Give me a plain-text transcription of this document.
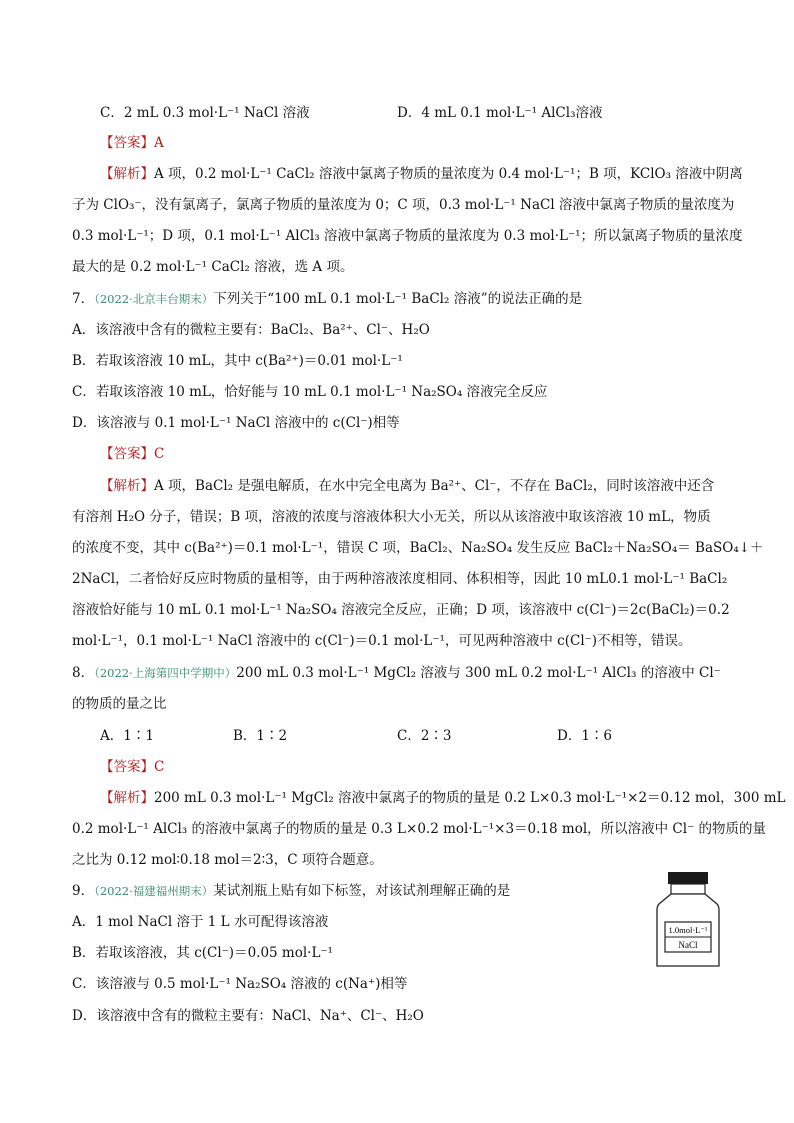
C．2 mL 0.3 mol·L⁻¹ NaCl 溶液	D．4 mL 0.1 mol·L⁻¹ AlCl₃溶液
【答案】A
【解析】A 项，0.2 mol·L⁻¹ CaCl₂ 溶液中氯离子物质的量浓度为 0.4 mol·L⁻¹；B 项，KClO₃ 溶液中阴离
子为 ClO₃⁻，没有氯离子，氯离子物质的量浓度为 0；C 项，0.3 mol·L⁻¹ NaCl 溶液中氯离子物质的量浓度为
0.3 mol·L⁻¹；D 项，0.1 mol·L⁻¹ AlCl₃ 溶液中氯离子物质的量浓度为 0.3 mol·L⁻¹；所以氯离子物质的量浓度
最大的是 0.2 mol·L⁻¹ CaCl₂ 溶液，选 A 项。
7．（2022·北京丰台期末）下列关于“100 mL 0.1 mol·L⁻¹ BaCl₂ 溶液”的说法正确的是
A．该溶液中含有的微粒主要有：BaCl₂、Ba²⁺、Cl⁻、H₂O
B．若取该溶液 10 mL，其中 c(Ba²⁺)＝0.01 mol·L⁻¹
C．若取该溶液 10 mL，恰好能与 10 mL 0.1 mol·L⁻¹ Na₂SO₄ 溶液完全反应
D．该溶液与 0.1 mol·L⁻¹ NaCl 溶液中的 c(Cl⁻)相等
【答案】C
【解析】A 项，BaCl₂ 是强电解质，在水中完全电离为 Ba²⁺、Cl⁻，不存在 BaCl₂，同时该溶液中还含
有溶剂 H₂O 分子，错误；B 项，溶液的浓度与溶液体积大小无关，所以从该溶液中取该溶液 10 mL，物质
的浓度不变，其中 c(Ba²⁺)＝0.1 mol·L⁻¹，错误 C 项，BaCl₂、Na₂SO₄ 发生反应 BaCl₂＋Na₂SO₄＝ BaSO₄↓＋
2NaCl，二者恰好反应时物质的量相等，由于两种溶液浓度相同、体积相等，因此 10 mL0.1 mol·L⁻¹ BaCl₂
溶液恰好能与 10 mL 0.1 mol·L⁻¹ Na₂SO₄ 溶液完全反应，正确；D 项，该溶液中 c(Cl⁻)＝2c(BaCl₂)＝0.2
mol·L⁻¹，0.1 mol·L⁻¹ NaCl 溶液中的 c(Cl⁻)＝0.1 mol·L⁻¹，可见两种溶液中 c(Cl⁻)不相等，错误。
8．（2022·上海第四中学期中）200 mL 0.3 mol·L⁻¹ MgCl₂ 溶液与 300 mL 0.2 mol·L⁻¹ AlCl₃ 的溶液中 Cl⁻
的物质的量之比
A．1∶1	B．1∶2	C．2∶3	D．1∶6
【答案】C
【解析】200 mL 0.3 mol·L⁻¹ MgCl₂ 溶液中氯离子的物质的量是 0.2 L×0.3 mol·L⁻¹×2＝0.12 mol，300 mL
0.2 mol·L⁻¹ AlCl₃ 的溶液中氯离子的物质的量是 0.3 L×0.2 mol·L⁻¹×3＝0.18 mol，所以溶液中 Cl⁻ 的物质的量
之比为 0.12 mol∶0.18 mol＝2∶3，C 项符合题意。
9．（2022·福建福州期末）某试剂瓶上贴有如下标签，对该试剂理解正确的是
A．1 mol NaCl 溶于 1 L 水可配得该溶液
B．若取该溶液，其 c(Cl⁻)＝0.05 mol·L⁻¹
C．该溶液与 0.5 mol·L⁻¹ Na₂SO₄ 溶液的 c(Na⁺)相等
D．该溶液中含有的微粒主要有：NaCl、Na⁺、Cl⁻、H₂O
1.0mol·L⁻¹
NaCl
